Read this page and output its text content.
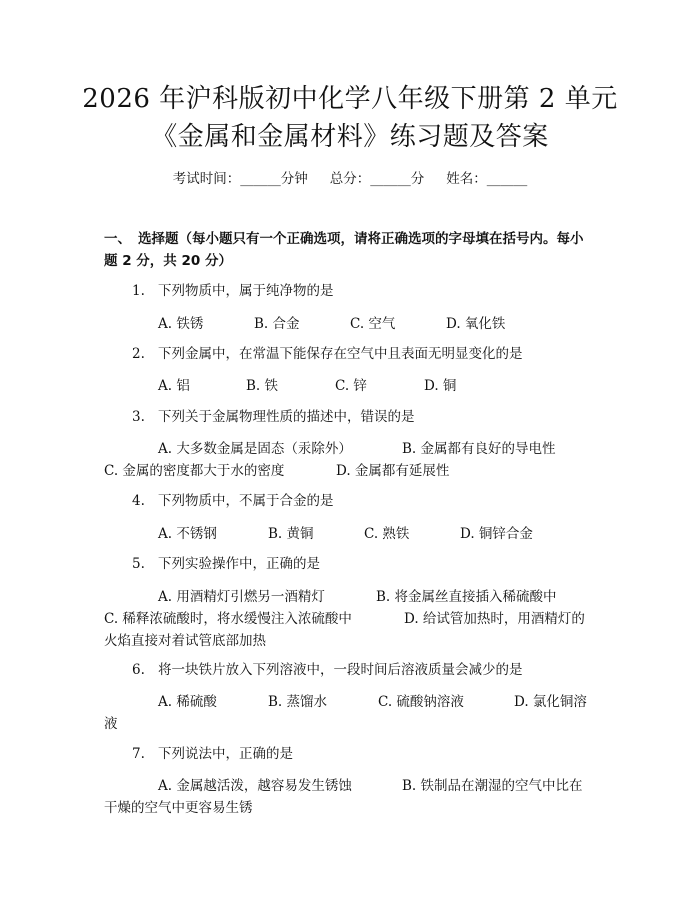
2026 年沪科版初中化学八年级下册第 2 单元
《金属和金属材料》练习题及答案
考试时间：______分钟 总分：______分 姓名：______
一、 选择题（每小题只有一个正确选项，请将正确选项的字母填在括号内。每小
题 2 分，共 20 分）
1. 下列物质中，属于纯净物的是
A. 铁锈	B. 合金	C. 空气	D. 氧化铁
2. 下列金属中，在常温下能保存在空气中且表面无明显变化的是
A. 铝	B. 铁	C. 锌	D. 铜
3. 下列关于金属物理性质的描述中，错误的是
A. 大多数金属是固态（汞除外）	B. 金属都有良好的导电性
C. 金属的密度都大于水的密度	D. 金属都有延展性
4. 下列物质中，不属于合金的是
A. 不锈钢	B. 黄铜	C. 熟铁	D. 铜锌合金
5. 下列实验操作中，正确的是
A. 用酒精灯引燃另一酒精灯	B. 将金属丝直接插入稀硫酸中
C. 稀释浓硫酸时，将水缓慢注入浓硫酸中	D. 给试管加热时，用酒精灯的
火焰直接对着试管底部加热
6. 将一块铁片放入下列溶液中，一段时间后溶液质量会减少的是
A. 稀硫酸	B. 蒸馏水	C. 硫酸钠溶液	D. 氯化铜溶
液
7. 下列说法中，正确的是
A. 金属越活泼，越容易发生锈蚀	B. 铁制品在潮湿的空气中比在
干燥的空气中更容易生锈
